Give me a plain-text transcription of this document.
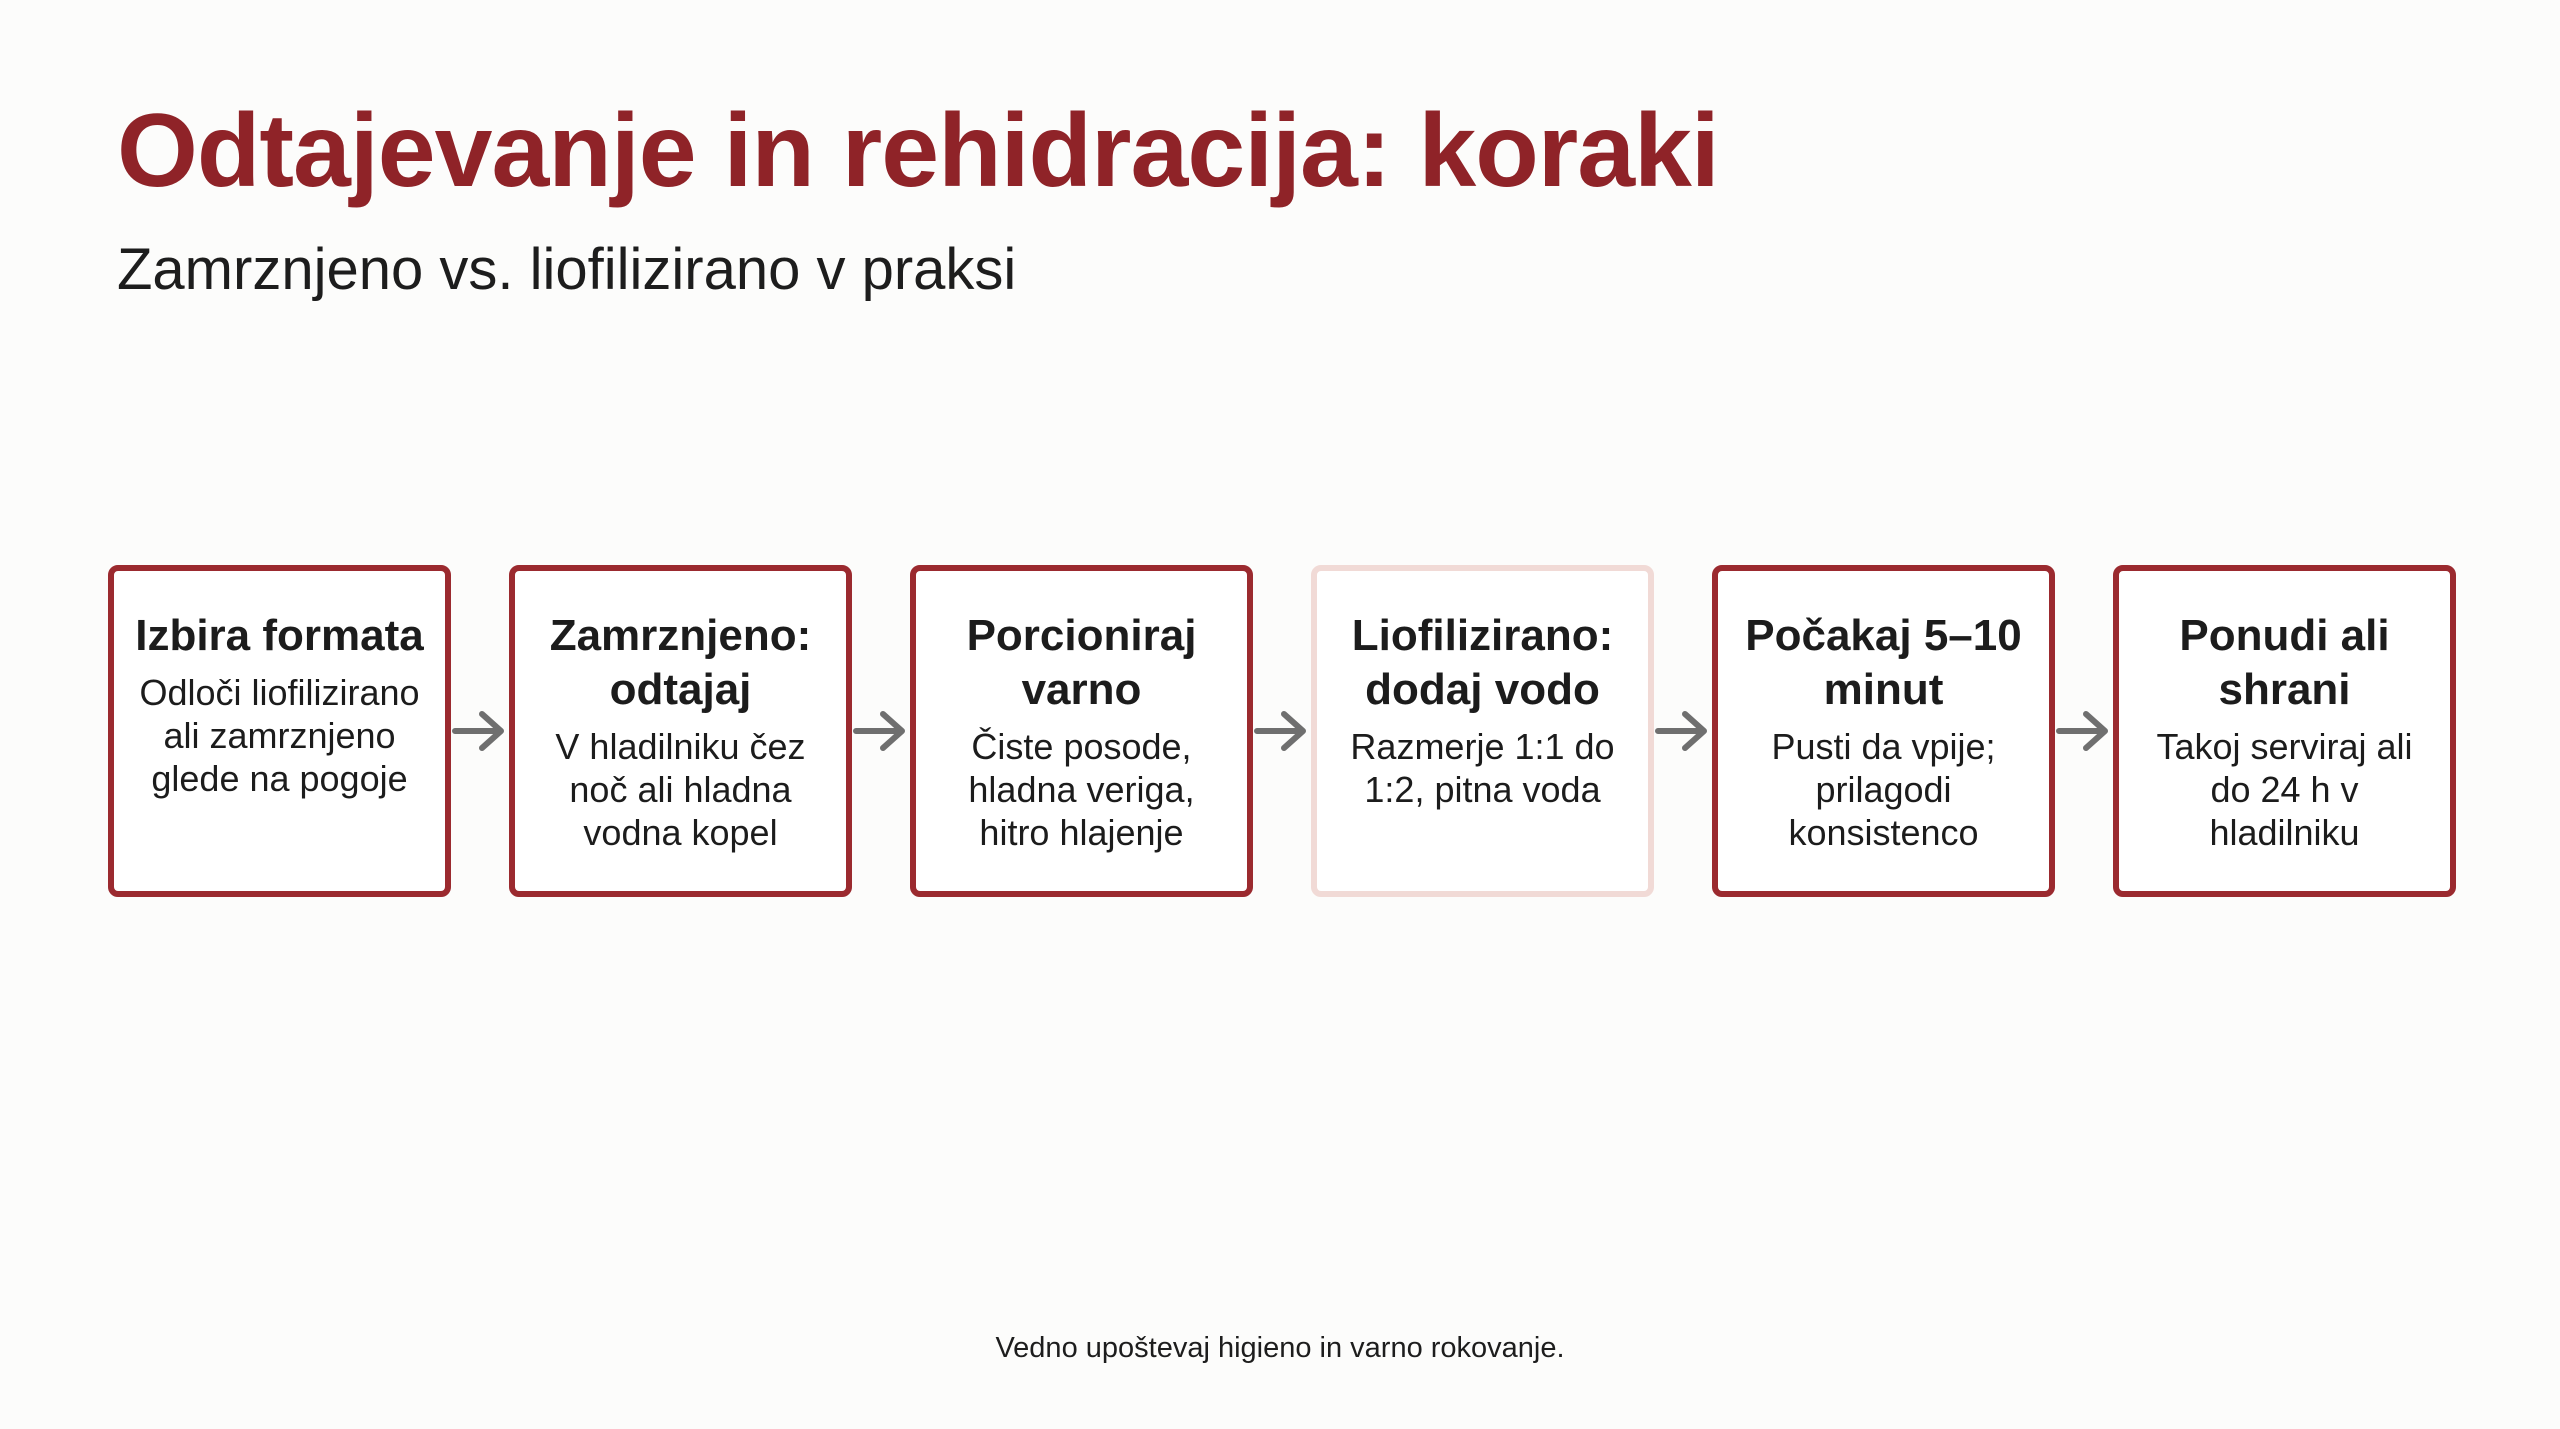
Odtajevanje in rehidracija: koraki
Zamrznjeno vs. liofilizirano v praksi
Izbira formata
Odloči liofilizirano ali zamrznjeno glede na pogoje
Zamrznjeno: odtajaj
V hladilniku čez noč ali hladna vodna kopel
Porcioniraj varno
Čiste posode, hladna veriga, hitro hlajenje
Liofilizirano: dodaj vodo
Razmerje 1:1 do 1:2, pitna voda
Počakaj 5–10 minut
Pusti da vpije; prilagodi konsistenco
Ponudi ali shrani
Takoj serviraj ali do 24 h v hladilniku

Vedno upoštevaj higieno in varno rokovanje.
